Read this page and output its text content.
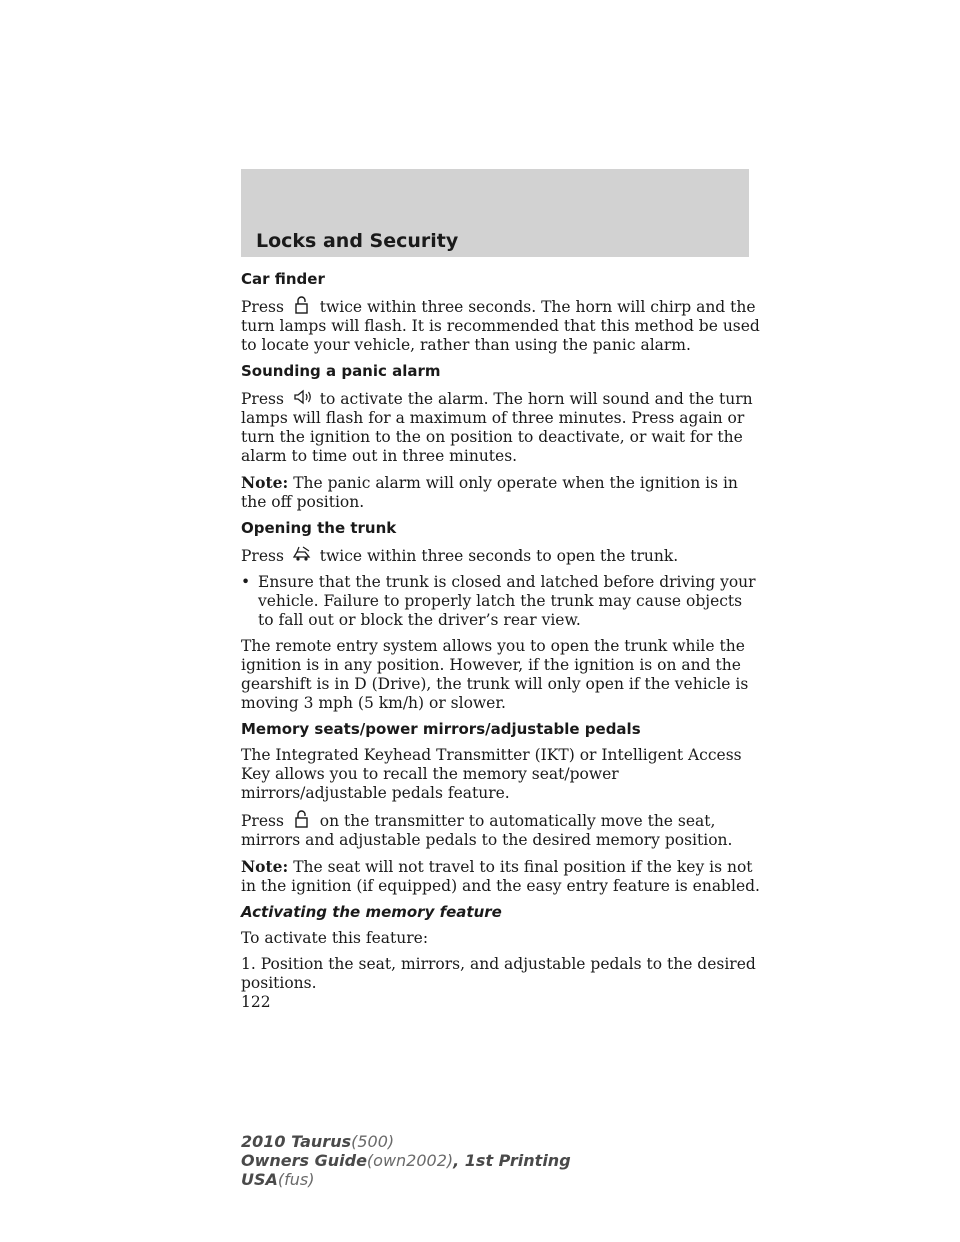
Locks and Security
Car finder
Press twice within three seconds. The horn will chirp and the turn lamps will flash. It is recommended that this method be used to locate your vehicle, rather than using the panic alarm.
Sounding a panic alarm
Press to activate the alarm. The horn will sound and the turn lamps will flash for a maximum of three minutes. Press again or turn the ignition to the on position to deactivate, or wait for the alarm to time out in three minutes.
Note: The panic alarm will only operate when the ignition is in the off position.
Opening the trunk
Press twice within three seconds to open the trunk.
• Ensure that the trunk is closed and latched before driving your vehicle. Failure to properly latch the trunk may cause objects to fall out or block the driver’s rear view.
The remote entry system allows you to open the trunk while the ignition is in any position. However, if the ignition is on and the gearshift is in D (Drive), the trunk will only open if the vehicle is moving 3 mph (5 km/h) or slower.
Memory seats/power mirrors/adjustable pedals
The Integrated Keyhead Transmitter (IKT) or Intelligent Access Key allows you to recall the memory seat/power mirrors/adjustable pedals feature.
Press on the transmitter to automatically move the seat, mirrors and adjustable pedals to the desired memory position.
Note: The seat will not travel to its final position if the key is not in the ignition (if equipped) and the easy entry feature is enabled.
Activating the memory feature
To activate this feature:
1. Position the seat, mirrors, and adjustable pedals to the desired positions.
122
2010 Taurus(500)
Owners Guide(own2002), 1st Printing
USA(fus)
